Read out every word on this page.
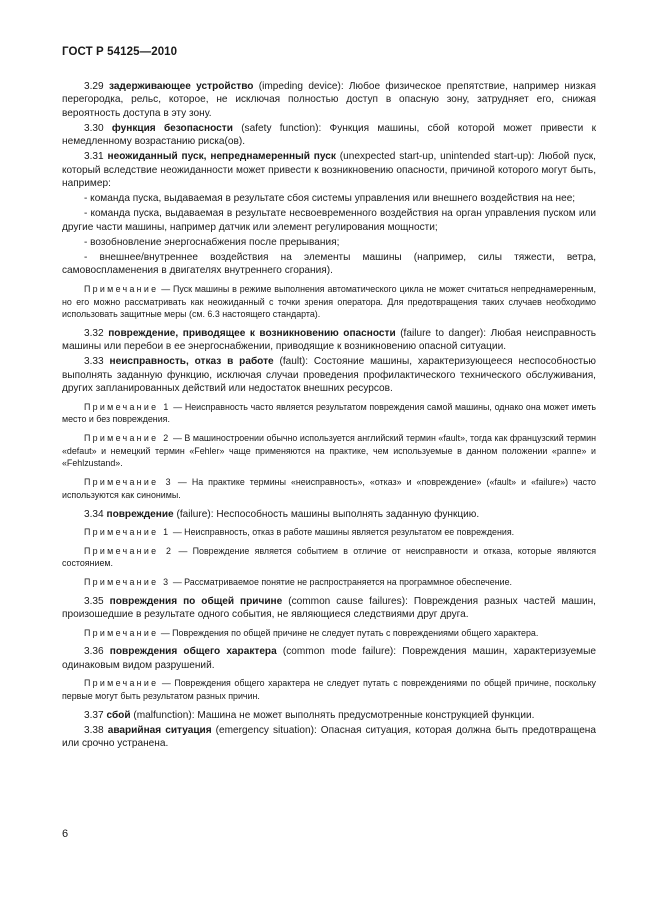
ГОСТ Р 54125—2010

3.29 задерживающее устройство (impeding device): Любое физическое препятствие, например низкая перегородка, рельс, которое, не исключая полностью доступ в опасную зону, затрудняет его, снижая вероятность доступа в эту зону.

3.30 функция безопасности (safety function): Функция машины, сбой которой может привести к немедленному возрастанию риска(ов).

3.31 неожиданный пуск, непреднамеренный пуск (unexpected start-up, unintended start-up): Любой пуск, который вследствие неожиданности может привести к возникновению опасности, причиной которого могут быть, например:

- команда пуска, выдаваемая в результате сбоя системы управления или внешнего воздействия на нее;

- команда пуска, выдаваемая в результате несвоевременного воздействия на орган управления пуском или другие части машины, например датчик или элемент регулирования мощности;

- возобновление энергоснабжения после прерывания;

- внешнее/внутреннее воздействия на элементы машины (например, силы тяжести, ветра, самовоспламенения в двигателях внутреннего сгорания).

Примечание — Пуск машины в режиме выполнения автоматического цикла не может считаться непреднамеренным, но его можно рассматривать как неожиданный с точки зрения оператора. Для предотвращения таких случаев необходимо использовать защитные меры (см. 6.3 настоящего стандарта).

3.32 повреждение, приводящее к возникновению опасности (failure to danger): Любая неисправность машины или перебои в ее энергоснабжении, приводящие к возникновению опасной ситуации.

3.33 неисправность, отказ в работе (fault): Состояние машины, характеризующееся неспособностью выполнять заданную функцию, исключая случаи проведения профилактического технического обслуживания, других запланированных действий или недостаток внешних ресурсов.

Примечание 1 — Неисправность часто является результатом повреждения самой машины, однако она может иметь место и без повреждения.

Примечание 2 — В машиностроении обычно используется английский термин «fault», тогда как французский термин «defaut» и немецкий термин «Fehler» чаще применяются на практике, чем используемые в данном положении «panne» и «Fehlzustand».

Примечание 3 — На практике термины «неисправность», «отказ» и «повреждение» («fault» и «failure») часто используются как синонимы.

3.34 повреждение (failure): Неспособность машины выполнять заданную функцию.

Примечание 1 — Неисправность, отказ в работе машины является результатом ее повреждения.

Примечание 2 — Повреждение является событием в отличие от неисправности и отказа, которые являются состоянием.

Примечание 3 — Рассматриваемое понятие не распространяется на программное обеспечение.

3.35 повреждения по общей причине (common cause failures): Повреждения разных частей машин, произошедшие в результате одного события, не являющиеся следствиями друг друга.

Примечание — Повреждения по общей причине не следует путать с повреждениями общего характера.

3.36 повреждения общего характера (common mode failure): Повреждения машин, характеризуемые одинаковым видом разрушений.

Примечание — Повреждения общего характера не следует путать с повреждениями по общей причине, поскольку первые могут быть результатом разных причин.

3.37 сбой (malfunction): Машина не может выполнять предусмотренные конструкцией функции.

3.38 аварийная ситуация (emergency situation): Опасная ситуация, которая должна быть предотвращена или срочно устранена.

6
